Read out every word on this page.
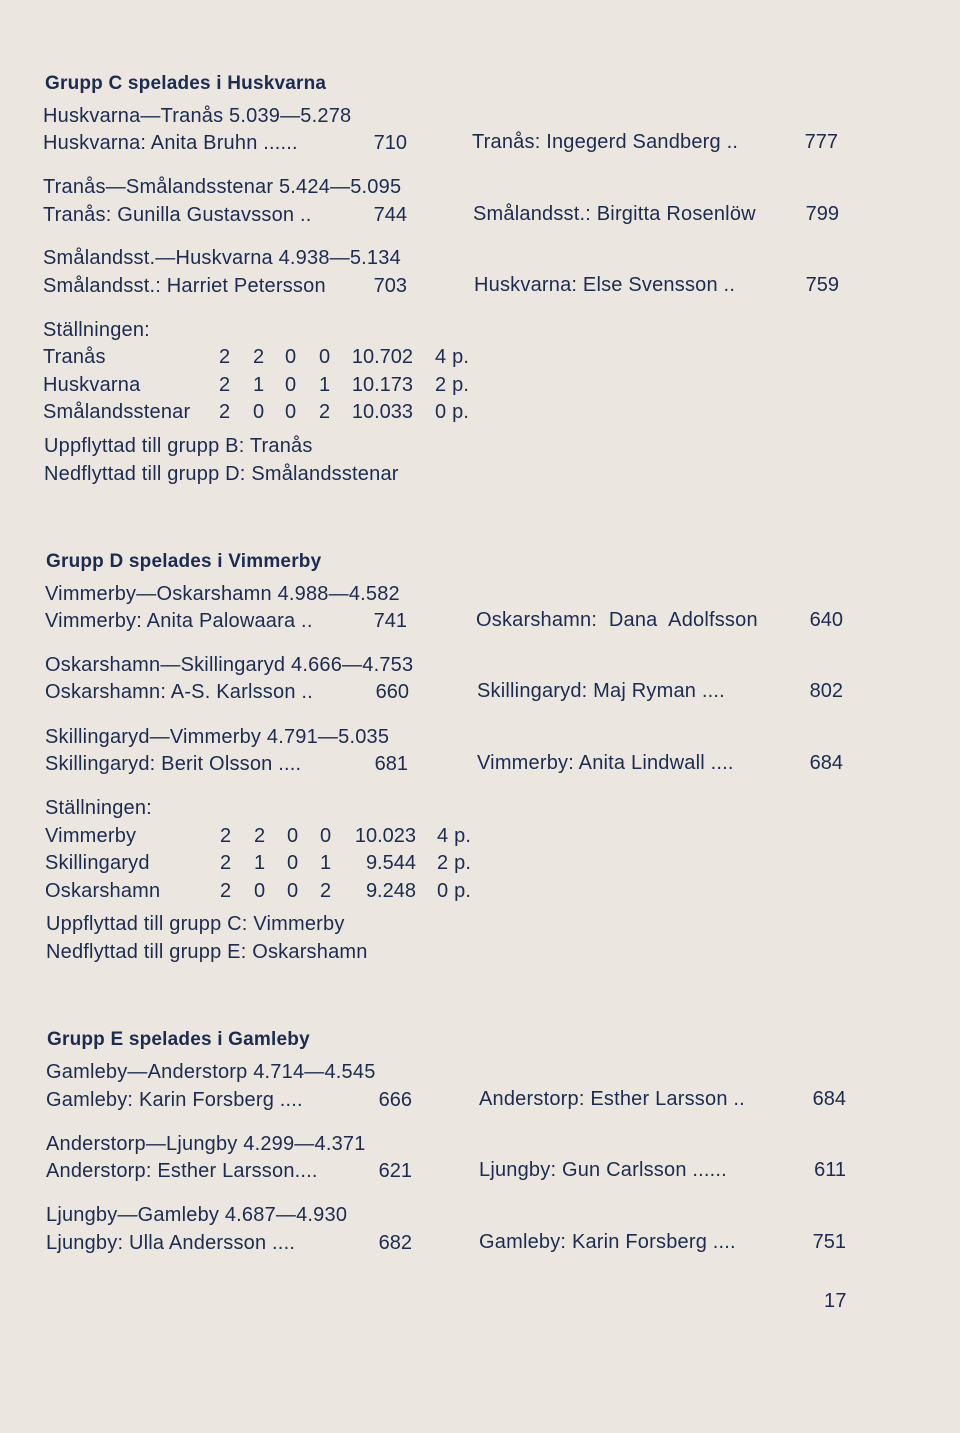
Grupp C spelades i Huskvarna
Huskvarna—Tranås 5.039—5.278
Huskvarna: Anita Bruhn ......	710	Tranås: Ingegerd Sandberg ..	777
Tranås—Smålandsstenar 5.424—5.095
Tranås: Gunilla Gustavsson ..	744	Smålandsst.: Birgitta Rosenlöw 799
Smålandsst.—Huskvarna 4.938—5.134
Smålandsst.: Harriet Petersson 703	Huskvarna: Else Svensson ..	759
Ställningen:
Tranås	2 2 0 0 10.702 4 p.
Huskvarna	2 1 0 1 10.173 2 p.
Smålandsstenar 2 0 0 2 10.033 0 p.
Uppflyttad till grupp B: Tranås
Nedflyttad till grupp D: Smålandsstenar
Grupp D spelades i Vimmerby
Vimmerby—Oskarshamn 4.988—4.582
Vimmerby: Anita Palowaara ..	741	Oskarshamn: Dana Adolfsson	640
Oskarshamn—Skillingaryd 4.666—4.753
Oskarshamn: A-S. Karlsson ..	660	Skillingaryd: Maj Ryman ....	802
Skillingaryd—Vimmerby 4.791—5.035
Skillingaryd: Berit Olsson ....	681	Vimmerby: Anita Lindwall ....	684
Ställningen:
Vimmerby	2 2 0 0 10.023 4 p.
Skillingaryd	2 1 0 1 9.544 2 p.
Oskarshamn	2 0 0 2 9.248 0 p.
Uppflyttad till grupp C: Vimmerby
Nedflyttad till grupp E: Oskarshamn
Grupp E spelades i Gamleby
Gamleby—Anderstorp 4.714—4.545
Gamleby: Karin Forsberg ....	666	Anderstorp: Esther Larsson ..	684
Anderstorp—Ljungby 4.299—4.371
Anderstorp: Esther Larsson....	621	Ljungby: Gun Carlsson ......	611
Ljungby—Gamleby 4.687—4.930
Ljungby: Ulla Andersson ....	682	Gamleby: Karin Forsberg ....	751
17
